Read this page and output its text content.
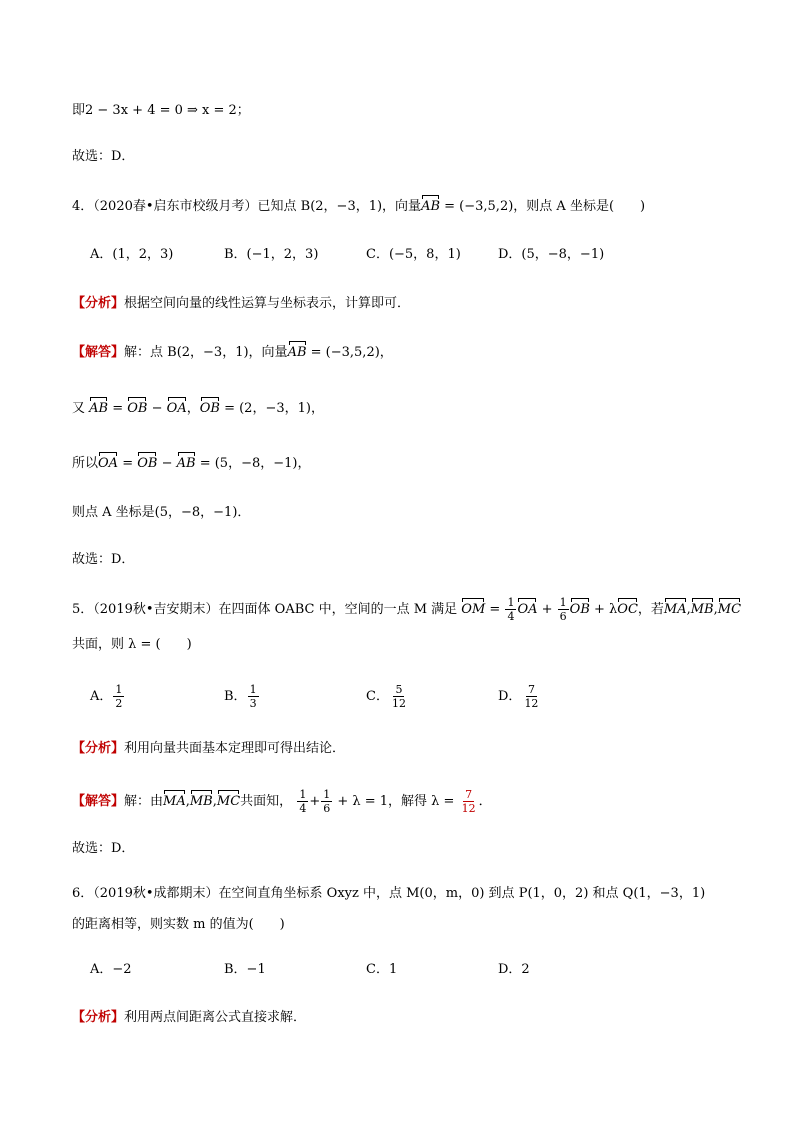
即2 − 3x + 4 = 0 ⇒ x = 2；
故选：D．
4．（2020春•启东市校级月考）已知点 B(2，−3，1)，向量AB = (−3,5,2)，则点 A 坐标是(　　)
A．(1，2，3)	B．(−1，2，3)	C．(−5，8，1)	D．(5，−8，−1)
【分析】根据空间向量的线性运算与坐标表示，计算即可．
【解答】解：点 B(2，−3，1)，向量AB = (−3,5,2)，
又 AB = OB − OA，OB = (2，−3，1)，
所以OA = OB − AB = (5，−8，−1)，
则点 A 坐标是(5，−8，−1)．
故选：D．
5．（2019秋•吉安期末）在四面体 OABC 中，空间的一点 M 满足 OM = $\frac{1}{4}$ OA + $\frac{1}{6}$ OB + λOC，若MA,MB,MC
共面，则 λ = (　　)
A． $\frac{1}{2}$	B． $\frac{1}{3}$	C． $\frac{5}{12}$	D． $\frac{7}{12}$
【分析】利用向量共面基本定理即可得出结论．
【解答】解：由MA,MB,MC共面知， $\frac{1}{4} + \frac{1}{6} + \lambda = 1$，解得 $\lambda = \frac{7}{12}$ ．
故选：D．
6．（2019秋•成都期末）在空间直角坐标系 Oxyz 中，点 M(0，m，0) 到点 P(1，0，2) 和点 Q(1，−3，1)
的距离相等，则实数 m 的值为(　　)
A．−2	B．−1	C．1	D．2
【分析】利用两点间距离公式直接求解．
